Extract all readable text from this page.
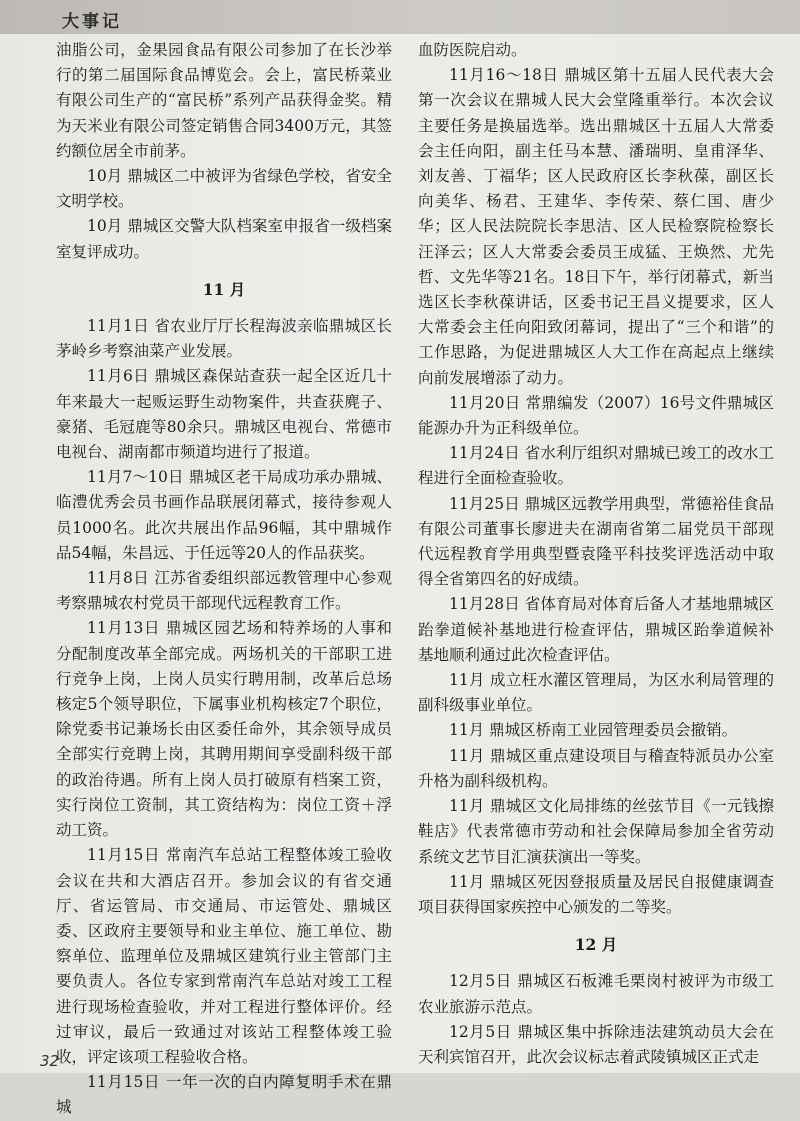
大事记

油脂公司，金果园食品有限公司参加了在长沙举行的第二届国际食品博览会。会上，富民桥菜业有限公司生产的“富民桥”系列产品获得金奖。精为天米业有限公司签定销售合同3400万元，其签约额位居全市前茅。

10月 鼎城区二中被评为省绿色学校，省安全文明学校。

10月 鼎城区交警大队档案室申报省一级档案室复评成功。

11 月

11月1日 省农业厅厅长程海波亲临鼎城区长茅岭乡考察油菜产业发展。

11月6日 鼎城区森保站查获一起全区近几十年来最大一起贩运野生动物案件，共查获麂子、豪猪、毛冠鹿等80余只。鼎城区电视台、常德市电视台、湖南都市频道均进行了报道。

11月7～10日 鼎城区老干局成功承办鼎城、临澧优秀会员书画作品联展闭幕式，接待参观人员1000名。此次共展出作品96幅，其中鼎城作品54幅，朱昌远、于任远等20人的作品获奖。

11月8日 江苏省委组织部远教管理中心参观考察鼎城农村党员干部现代远程教育工作。

11月13日 鼎城区园艺场和特养场的人事和分配制度改革全部完成。两场机关的干部职工进行竞争上岗，上岗人员实行聘用制，改革后总场核定5个领导职位，下属事业机构核定7个职位，除党委书记兼场长由区委任命外，其余领导成员全部实行竞聘上岗，其聘用期间享受副科级干部的政治待遇。所有上岗人员打破原有档案工资，实行岗位工资制，其工资结构为：岗位工资＋浮动工资。

11月15日 常南汽车总站工程整体竣工验收会议在共和大酒店召开。参加会议的有省交通厅、省运管局、市交通局、市运管处、鼎城区委、区政府主要领导和业主单位、施工单位、勘察单位、监理单位及鼎城区建筑行业主管部门主要负责人。各位专家到常南汽车总站对竣工工程进行现场检查验收，并对工程进行整体评价。经过审议，最后一致通过对该站工程整体竣工验收，评定该项工程验收合格。

11月15日 一年一次的白内障复明手术在鼎城

血防医院启动。

11月16～18日 鼎城区第十五届人民代表大会第一次会议在鼎城人民大会堂隆重举行。本次会议主要任务是换届选举。选出鼎城区十五届人大常委会主任向阳，副主任马本慧、潘瑞明、皇甫泽华、刘友善、丁福华；区人民政府区长李秋葆，副区长向美华、杨君、王建华、李传荣、蔡仁国、唐少华；区人民法院院长李思洁、区人民检察院检察长汪泽云；区人大常委会委员王成猛、王焕然、尤先哲、文先华等21名。18日下午，举行闭幕式，新当选区长李秋葆讲话，区委书记王昌义提要求，区人大常委会主任向阳致闭幕词，提出了“三个和谐”的工作思路，为促进鼎城区人大工作在高起点上继续向前发展增添了动力。

11月20日 常鼎编发（2007）16号文件鼎城区能源办升为正科级单位。

11月24日 省水利厅组织对鼎城已竣工的改水工程进行全面检查验收。

11月25日 鼎城区远教学用典型，常德裕佳食品有限公司董事长廖进夫在湖南省第二届党员干部现代远程教育学用典型暨袁隆平科技奖评选活动中取得全省第四名的好成绩。

11月28日 省体育局对体育后备人才基地鼎城区跆拳道候补基地进行检查评估，鼎城区跆拳道候补基地顺利通过此次检查评估。

11月 成立枉水灌区管理局，为区水利局管理的副科级事业单位。

11月 鼎城区桥南工业园管理委员会撤销。

11月 鼎城区重点建设项目与稽查特派员办公室升格为副科级机构。

11月 鼎城区文化局排练的丝弦节目《一元钱擦鞋店》代表常德市劳动和社会保障局参加全省劳动系统文艺节目汇演获演出一等奖。

11月 鼎城区死因登报质量及居民自报健康调查项目获得国家疾控中心颁发的二等奖。

12 月

12月5日 鼎城区石板滩毛栗岗村被评为市级工农业旅游示范点。

12月5日 鼎城区集中拆除违法建筑动员大会在天利宾馆召开，此次会议标志着武陵镇城区正式走

32
